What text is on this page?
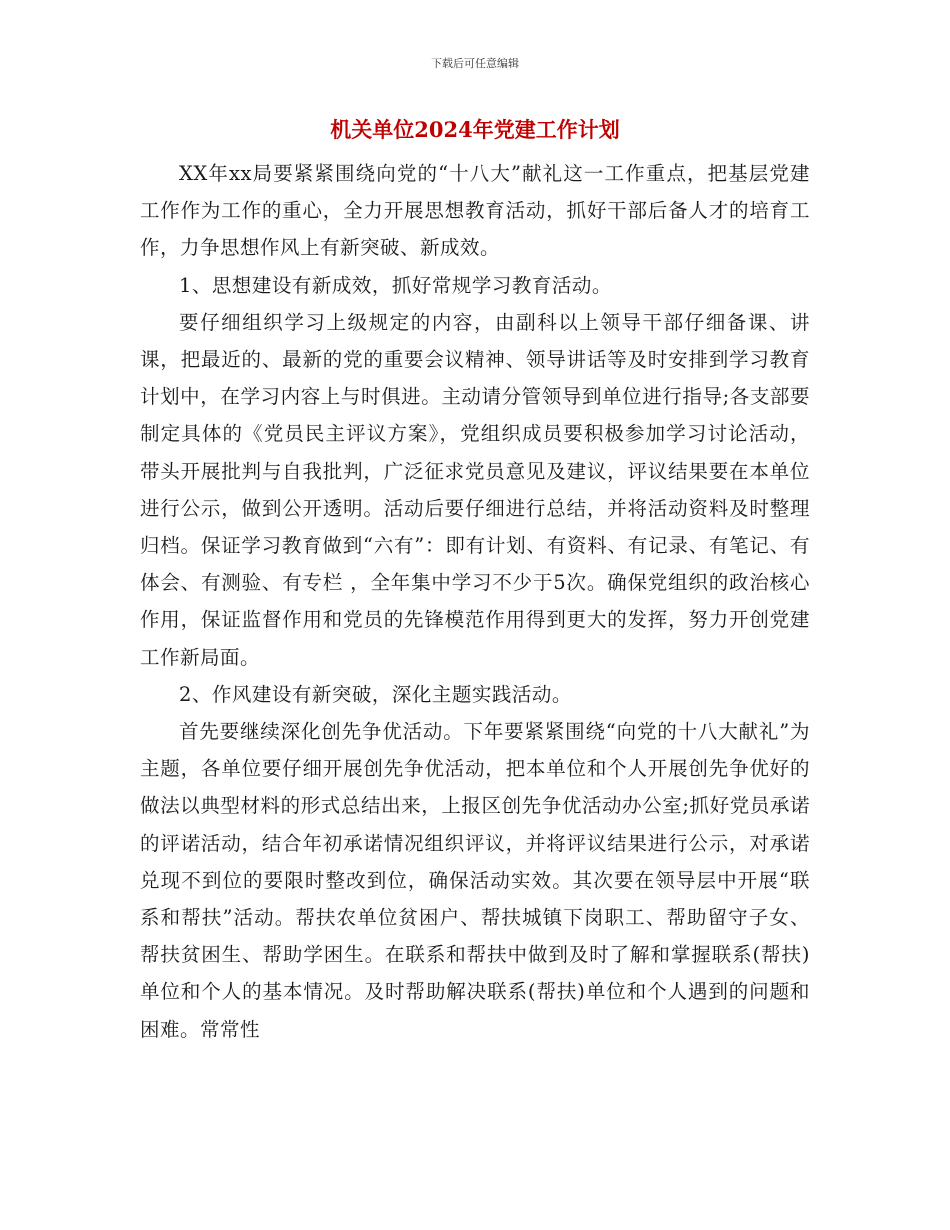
下载后可任意编辑
机关单位2024年党建工作计划

XX年xx局要紧紧围绕向党的“十八大”献礼这一工作重点，把基层党建工作作为工作的重心，全力开展思想教育活动，抓好干部后备人才的培育工作，力争思想作风上有新突破、新成效。

1、思想建设有新成效，抓好常规学习教育活动。

要仔细组织学习上级规定的内容，由副科以上领导干部仔细备课、讲课，把最近的、最新的党的重要会议精神、领导讲话等及时安排到学习教育计划中，在学习内容上与时俱进。主动请分管领导到单位进行指导;各支部要制定具体的《党员民主评议方案》，党组织成员要积极参加学习讨论活动，带头开展批判与自我批判，广泛征求党员意见及建议，评议结果要在本单位进行公示，做到公开透明。活动后要仔细进行总结，并将活动资料及时整理归档。保证学习教育做到“六有”：即有计划、有资料、有记录、有笔记、有体会、有测验、有专栏 ，全年集中学习不少于5次。确保党组织的政治核心作用，保证监督作用和党员的先锋模范作用得到更大的发挥，努力开创党建工作新局面。

2、作风建设有新突破，深化主题实践活动。

首先要继续深化创先争优活动。下年要紧紧围绕“向党的十八大献礼”为主题，各单位要仔细开展创先争优活动，把本单位和个人开展创先争优好的做法以典型材料的形式总结出来，上报区创先争优活动办公室;抓好党员承诺的评诺活动，结合年初承诺情况组织评议，并将评议结果进行公示，对承诺兑现不到位的要限时整改到位，确保活动实效。其次要在领导层中开展“联系和帮扶”活动。帮扶农单位贫困户、帮扶城镇下岗职工、帮助留守子女、帮扶贫困生、帮助学困生。在联系和帮扶中做到及时了解和掌握联系(帮扶)单位和个人的基本情况。及时帮助解决联系(帮扶)单位和个人遇到的问题和困难。常常性
